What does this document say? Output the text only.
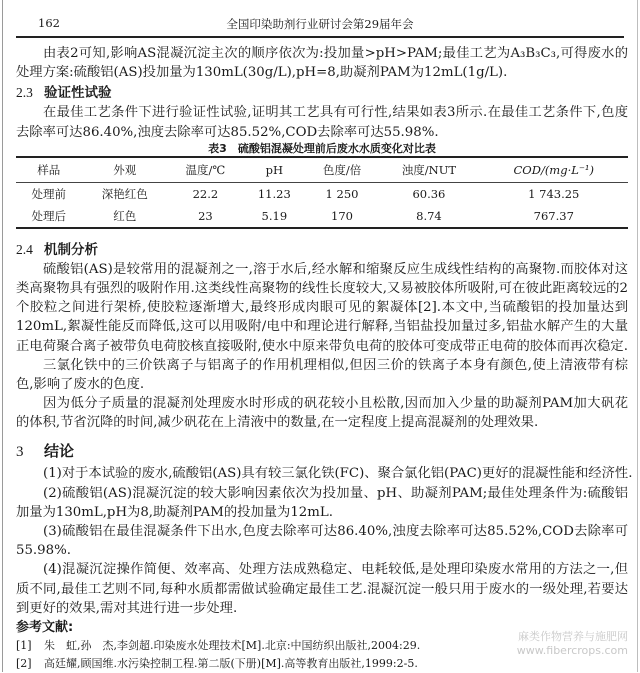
162	全国印染助剂行业研讨会第29届年会
由表2可知,影响AS混凝沉淀主次的顺序依次为:投加量>pH>PAM;最佳工艺为A₃B₃C₃,可得废水的
处理方案:硫酸铝(AS)投加量为130mL(30g/L),pH=8,助凝剂PAM为12mL(1g/L).
2.3 验证性试验
在最佳工艺条件下进行验证性试验,证明其工艺具有可行性,结果如表3所示.在最佳工艺条件下,色度
去除率可达86.40%,浊度去除率可达85.52%,COD去除率可达55.98%.
表3　硫酸铝混凝处理前后废水水质变化对比表
样品	外观	温度/℃	pH	色度/倍	浊度/NUT	COD/(mg·L⁻¹)
处理前	深艳红色	22.2	11.23	1 250	60.36	1 743.25
处理后	红色	23	5.19	170	8.74	767.37
2.4 机制分析
硫酸铝(AS)是较常用的混凝剂之一,溶于水后,经水解和缩聚反应生成线性结构的高聚物.而胶体对这
类高聚物具有强烈的吸附作用.这类线性高聚物的线性长度较大,又易被胶体所吸附,可在彼此距离较远的2
个胶粒之间进行架桥,使胶粒逐渐增大,最终形成肉眼可见的絮凝体[2].本文中,当硫酸铝的投加量达到
120mL,絮凝性能反而降低,这可以用吸附/电中和理论进行解释,当铝盐投加量过多,铝盐水解产生的大量
正电荷聚合离子被带负电荷胶核直接吸附,使水中原来带负电荷的胶体可变成带正电荷的胶体而再次稳定.
三氯化铁中的三价铁离子与铝离子的作用机理相似,但因三价的铁离子本身有颜色,使上清液带有棕
色,影响了废水的色度.
因为低分子质量的混凝剂处理废水时形成的矾花较小且松散,因而加入少量的助凝剂PAM加大矾花
的体积,节省沉降的时间,减少矾花在上清液中的数量,在一定程度上提高混凝剂的处理效果.
3 结论
(1)对于本试验的废水,硫酸铝(AS)具有较三氯化铁(FC)、聚合氯化铝(PAC)更好的混凝性能和经济性.
(2)硫酸铝(AS)混凝沉淀的较大影响因素依次为投加量、pH、助凝剂PAM;最佳处理条件为:硫酸铝
加量为130mL,pH为8,助凝剂PAM的投加量为12mL.
(3)硫酸铝在最佳混凝条件下出水,色度去除率可达86.40%,浊度去除率可达85.52%,COD去除率可
55.98%.
(4)混凝沉淀操作简便、效率高、处理方法成熟稳定、电耗较低,是处理印染废水常用的方法之一,但
质不同,最佳工艺则不同,每种水质都需做试验确定最佳工艺.混凝沉淀一般只用于废水的一级处理,若要达
到更好的效果,需对其进行进一步处理.
参考文献:
[1] 朱　虹,孙　杰,李剑超.印染废水处理技术[M].北京:中国纺织出版社,2004:29.
[2] 高廷耀,顾国维.水污染控制工程.第二版(下册)[M].高等教育出版社,1999:2-5.
麻类作物营养与施肥网
www.fibercrops.com
